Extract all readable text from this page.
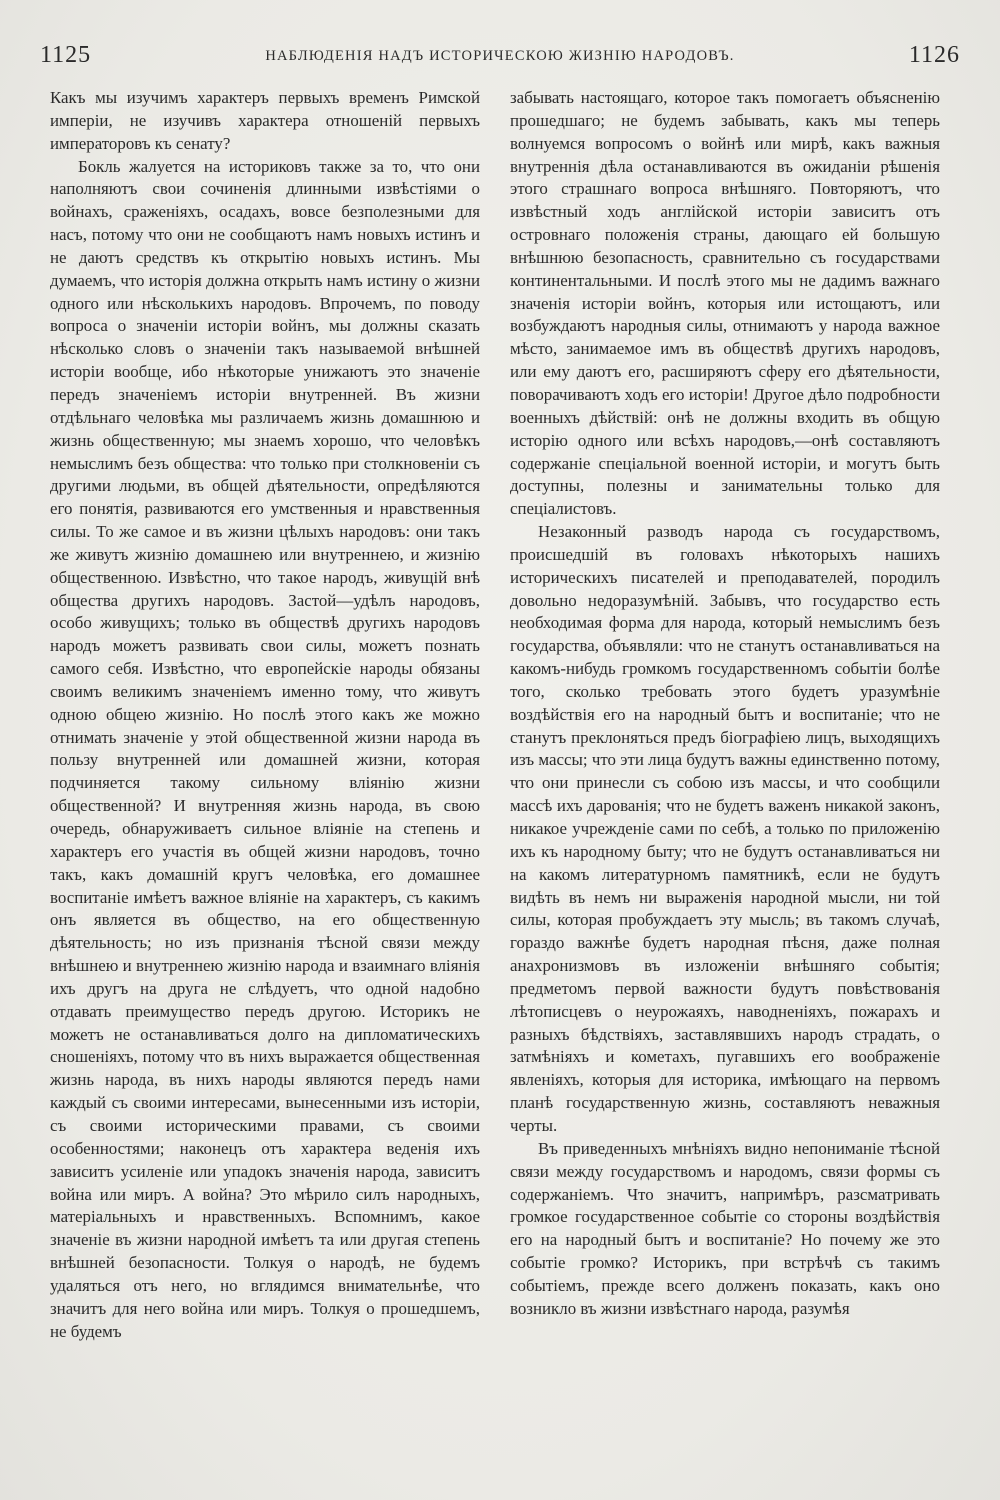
1125	НАБЛЮДЕНІЯ НАДЪ ИСТОРИЧЕСКОЮ ЖИЗНІЮ НАРОДОВЪ.	1126

Какъ мы изучимъ характеръ первыхъ временъ Римской имперіи, не изучивъ характера отношеній первыхъ императоровъ къ сенату?

Бокль жалуется на историковъ также за то, что они наполняютъ свои сочиненія длинными извѣстіями о войнахъ, сраженіяхъ, осадахъ, вовсе безполезными для насъ, потому что они не сообщаютъ намъ новыхъ истинъ и не даютъ средствъ къ открытію новыхъ истинъ. Мы думаемъ, что исторія должна открыть намъ истину о жизни одного или нѣсколькихъ народовъ. Впрочемъ, по поводу вопроса о значеніи исторіи войнъ, мы должны сказать нѣсколько словъ о значеніи такъ называемой внѣшней исторіи вообще, ибо нѣкоторые унижаютъ это значеніе передъ значеніемъ исторіи внутренней. Въ жизни отдѣльнаго человѣка мы различаемъ жизнь домашнюю и жизнь общественную; мы знаемъ хорошо, что человѣкъ немыслимъ безъ общества: что только при столкновеніи съ другими людьми, въ общей дѣятельности, опредѣляются его понятія, развиваются его умственныя и нравственныя силы. То же самое и въ жизни цѣлыхъ народовъ: они такъ же живутъ жизнію домашнею или внутреннею, и жизнію общественною. Извѣстно, что такое народъ, живущій внѣ общества другихъ народовъ. Застой—удѣлъ народовъ, особо живущихъ; только въ обществѣ другихъ народовъ народъ можетъ развивать свои силы, можетъ познать самого себя. Извѣстно, что европейскіе народы обязаны своимъ великимъ значеніемъ именно тому, что живутъ одною общею жизнію. Но послѣ этого какъ же можно отнимать значеніе у этой общественной жизни народа въ пользу внутренней или домашней жизни, которая подчиняется такому сильному вліянію жизни общественной? И внутренняя жизнь народа, въ свою очередь, обнаруживаетъ сильное вліяніе на степень и характеръ его участія въ общей жизни народовъ, точно такъ, какъ домашній кругъ человѣка, его домашнее воспитаніе имѣетъ важное вліяніе на характеръ, съ какимъ онъ является въ общество, на его общественную дѣятельность; но изъ признанія тѣсной связи между внѣшнею и внутреннею жизнію народа и взаимнаго вліянія ихъ другъ на друга не слѣдуетъ, что одной надобно отдавать преимущество передъ другою. Историкъ не можетъ не останавливаться долго на дипломатическихъ сношеніяхъ, потому что въ нихъ выражается общественная жизнь народа, въ нихъ народы являются передъ нами каждый съ своими интересами, вынесенными изъ исторіи, съ своими историческими правами, съ своими особенностями; наконецъ отъ характера веденія ихъ зависитъ усиленіе или упадокъ значенія народа, зависитъ война или миръ. А война? Это мѣрило силъ народныхъ, матеріальныхъ и нравственныхъ. Вспомнимъ, какое значеніе въ жизни народной имѣетъ та или другая степень внѣшней безопасности. Толкуя о народѣ, не будемъ удаляться отъ него, но вглядимся внимательнѣе, что значитъ для него война или миръ. Толкуя о прошедшемъ, не будемъ

забывать настоящаго, которое такъ помогаетъ объясненію прошедшаго; не будемъ забывать, какъ мы теперь волнуемся вопросомъ о войнѣ или мирѣ, какъ важныя внутреннія дѣла останавливаются въ ожиданіи рѣшенія этого страшнаго вопроса внѣшняго. Повторяютъ, что извѣстный ходъ англійской исторіи зависитъ отъ островнаго положенія страны, дающаго ей большую внѣшнюю безопасность, сравнительно съ государствами континентальными. И послѣ этого мы не дадимъ важнаго значенія исторіи войнъ, которыя или истощаютъ, или возбуждаютъ народныя силы, отнимаютъ у народа важное мѣсто, занимаемое имъ въ обществѣ другихъ народовъ, или ему даютъ его, расширяютъ сферу его дѣятельности, поворачиваютъ ходъ его исторіи! Другое дѣло подробности военныхъ дѣйствій: онѣ не должны входить въ общую исторію одного или всѣхъ народовъ,—онѣ составляютъ содержаніе спеціальной военной исторіи, и могутъ быть доступны, полезны и занимательны только для спеціалистовъ.

Незаконный разводъ народа съ государствомъ, происшедшій въ головахъ нѣкоторыхъ нашихъ историческихъ писателей и преподавателей, породилъ довольно недоразумѣній. Забывъ, что государство есть необходимая форма для народа, который немыслимъ безъ государства, объявляли: что не станутъ останавливаться на какомъ-нибудь громкомъ государственномъ событіи болѣе того, сколько требовать этого будетъ уразумѣніе воздѣйствія его на народный бытъ и воспитаніе; что не станутъ преклоняться предъ біографіею лицъ, выходящихъ изъ массы; что эти лица будутъ важны единственно потому, что они принесли съ собою изъ массы, и что сообщили массѣ ихъ дарованія; что не будетъ важенъ никакой законъ, никакое учрежденіе сами по себѣ, а только по приложенію ихъ къ народному быту; что не будутъ останавливаться ни на какомъ литературномъ памятникѣ, если не будутъ видѣть въ немъ ни выраженія народной мысли, ни той силы, которая пробуждаетъ эту мысль; въ такомъ случаѣ, гораздо важнѣе будетъ народная пѣсня, даже полная анахронизмовъ въ изложеніи внѣшняго событія; предметомъ первой важности будутъ повѣствованія лѣтописцевъ о неурожаяхъ, наводненіяхъ, пожарахъ и разныхъ бѣдствіяхъ, заставлявшихъ народъ страдать, о затмѣніяхъ и кометахъ, пугавшихъ его воображеніе явленіяхъ, которыя для историка, имѣющаго на первомъ планѣ государственную жизнь, составляютъ неважныя черты.

Въ приведенныхъ мнѣніяхъ видно непониманіе тѣсной связи между государствомъ и народомъ, связи формы съ содержаніемъ. Что значитъ, напримѣръ, разсматривать громкое государственное событіе со стороны воздѣйствія его на народный бытъ и воспитаніе? Но почему же это событіе громко? Историкъ, при встрѣчѣ съ такимъ событіемъ, прежде всего долженъ показать, какъ оно возникло въ жизни извѣстнаго народа, разумѣя
